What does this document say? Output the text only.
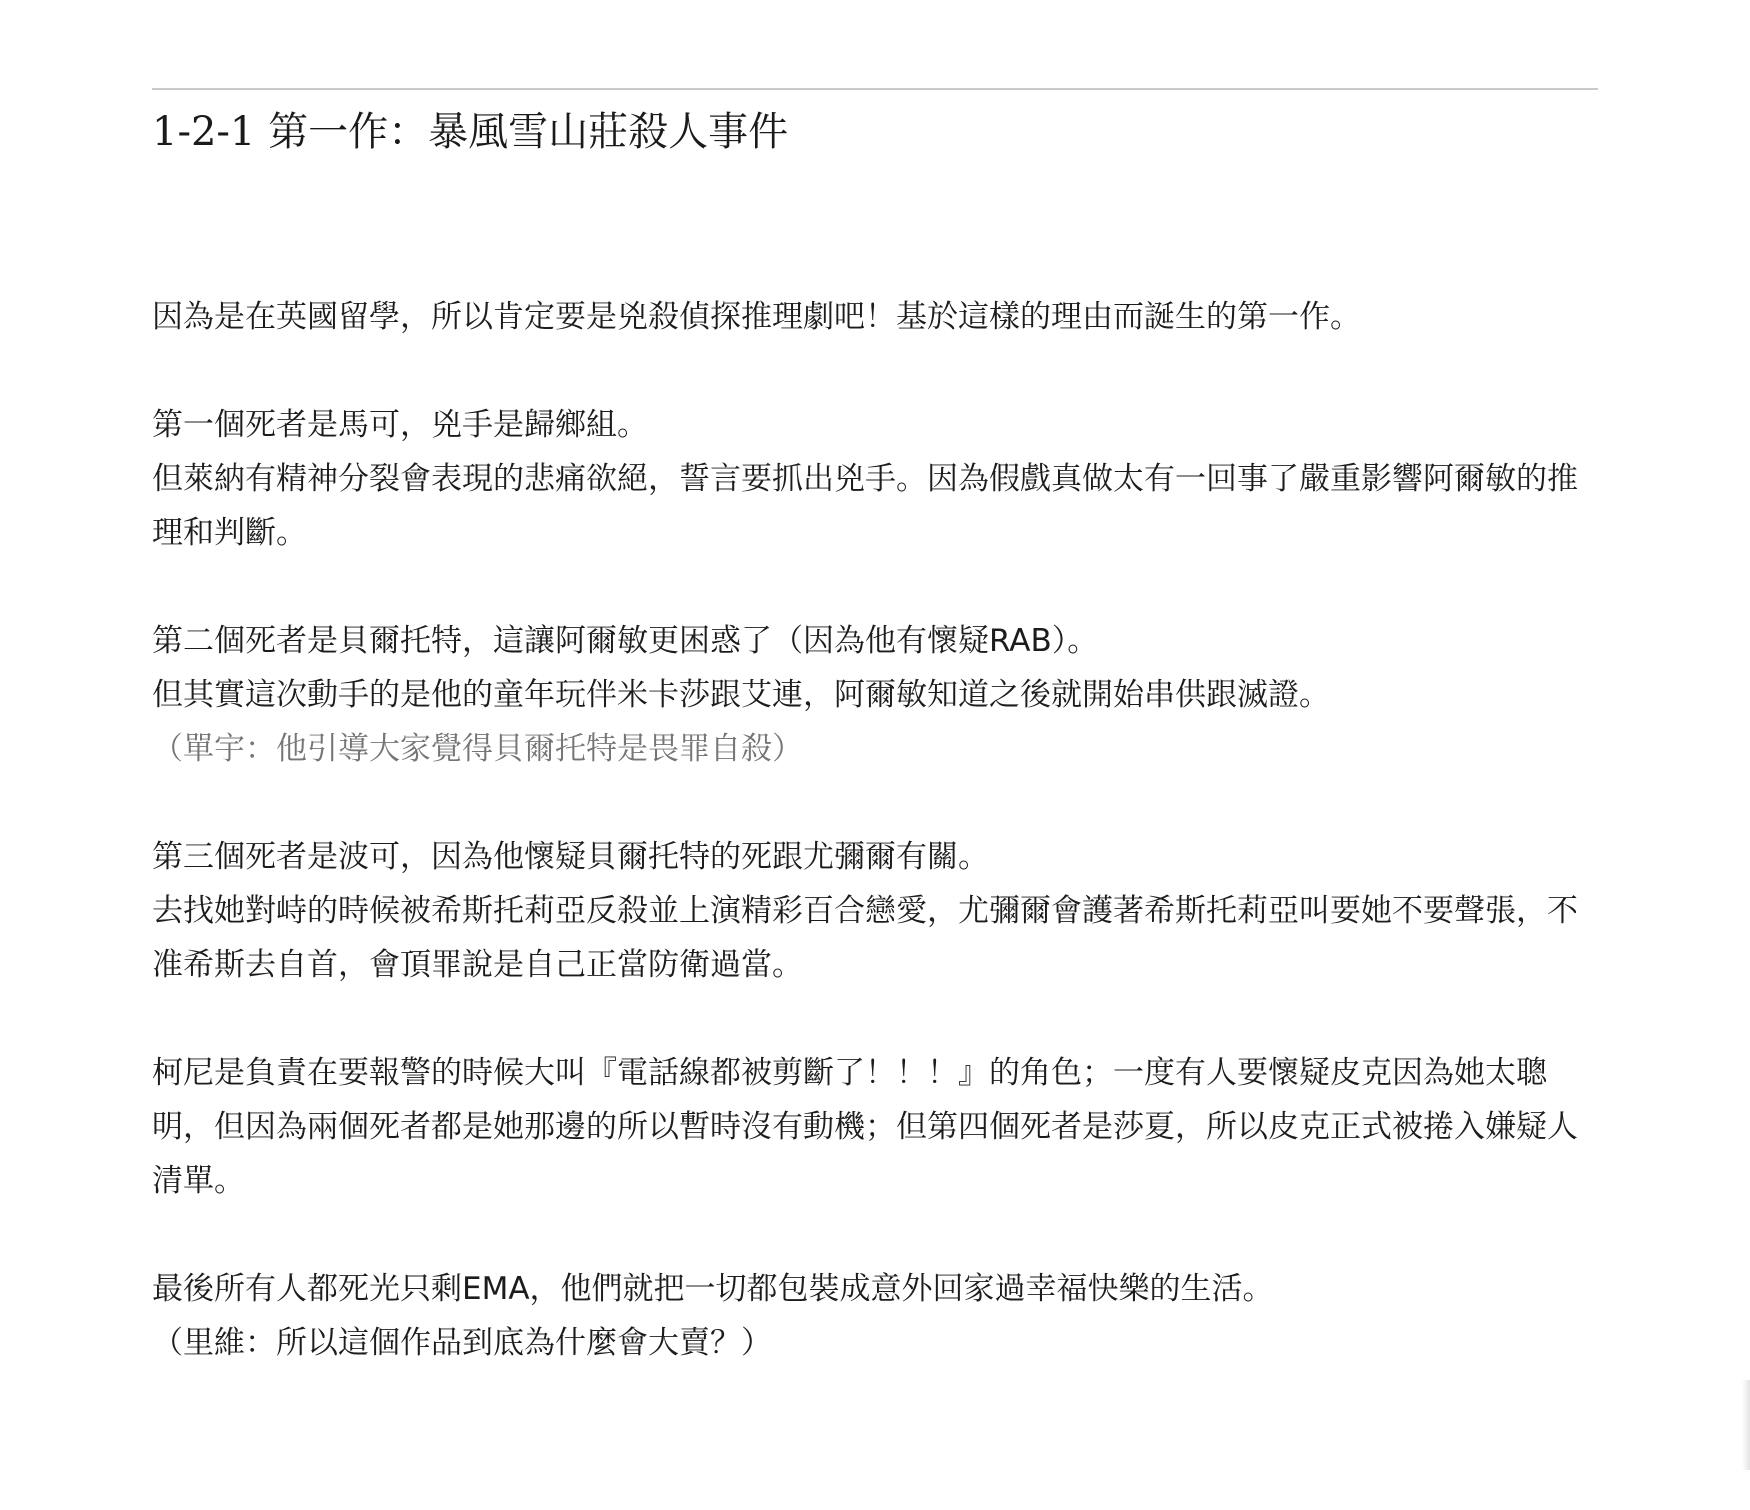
1-2-1 第一作：暴風雪山莊殺人事件

因為是在英國留學，所以肯定要是兇殺偵探推理劇吧！基於這樣的理由而誕生的第一作。

第一個死者是馬可，兇手是歸鄉組。
但萊納有精神分裂會表現的悲痛欲絕，誓言要抓出兇手。因為假戲真做太有一回事了嚴重影響阿爾敏的推理和判斷。

第二個死者是貝爾托特，這讓阿爾敏更困惑了（因為他有懷疑RAB）。
但其實這次動手的是他的童年玩伴米卡莎跟艾連，阿爾敏知道之後就開始串供跟滅證。
（單宇：他引導大家覺得貝爾托特是畏罪自殺）

第三個死者是波可，因為他懷疑貝爾托特的死跟尤彌爾有關。
去找她對峙的時候被希斯托莉亞反殺並上演精彩百合戀愛，尤彌爾會護著希斯托莉亞叫要她不要聲張，不准希斯去自首，會頂罪說是自己正當防衛過當。

柯尼是負責在要報警的時候大叫『電話線都被剪斷了！！！』的角色；一度有人要懷疑皮克因為她太聰明，但因為兩個死者都是她那邊的所以暫時沒有動機；但第四個死者是莎夏，所以皮克正式被捲入嫌疑人清單。

最後所有人都死光只剩EMA，他們就把一切都包裝成意外回家過幸福快樂的生活。
（里維：所以這個作品到底為什麼會大賣？）
